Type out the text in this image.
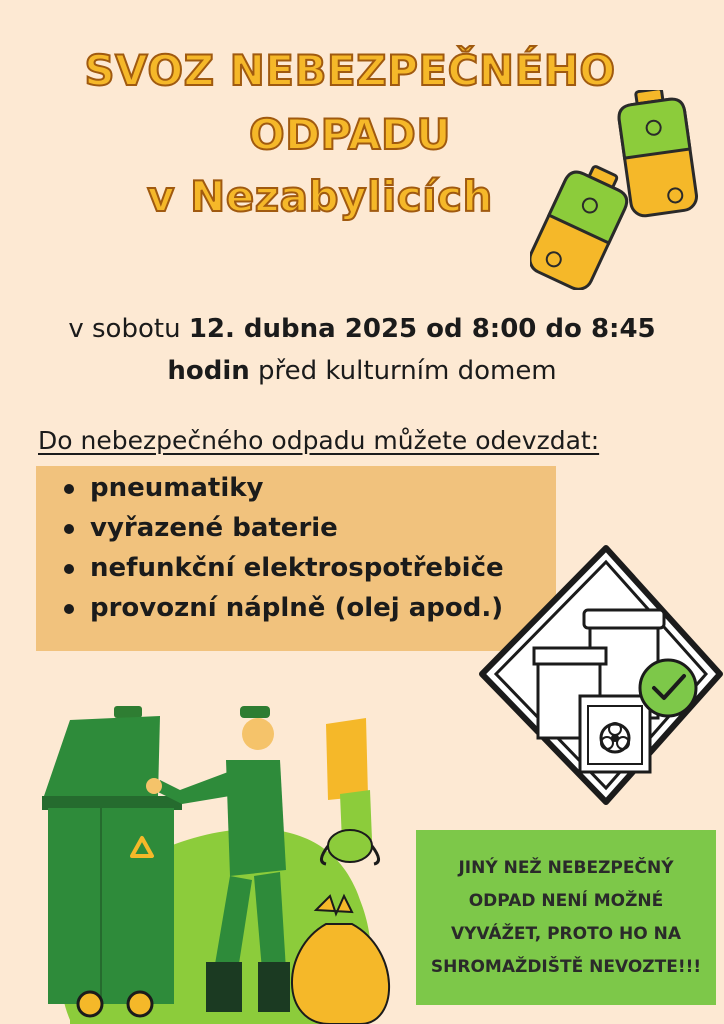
SVOZ NEBEZPEČNÉHO
ODPADU
v Nezabylicích
v sobotu 12. dubna 2025 od 8:00 do 8:45
hodin před kulturním domem
Do nebezpečného odpadu můžete odevzdat:
pneumatiky
vyřazené baterie
nefunkční elektrospotřebiče
provozní náplně (olej apod.)
JINÝ NEŽ NEBEZPEČNÝ
ODPAD NENÍ MOŽNÉ
VYVÁŽET, PROTO HO NA
SHROMAŽDIŠTĚ NEVOZTE!!!
